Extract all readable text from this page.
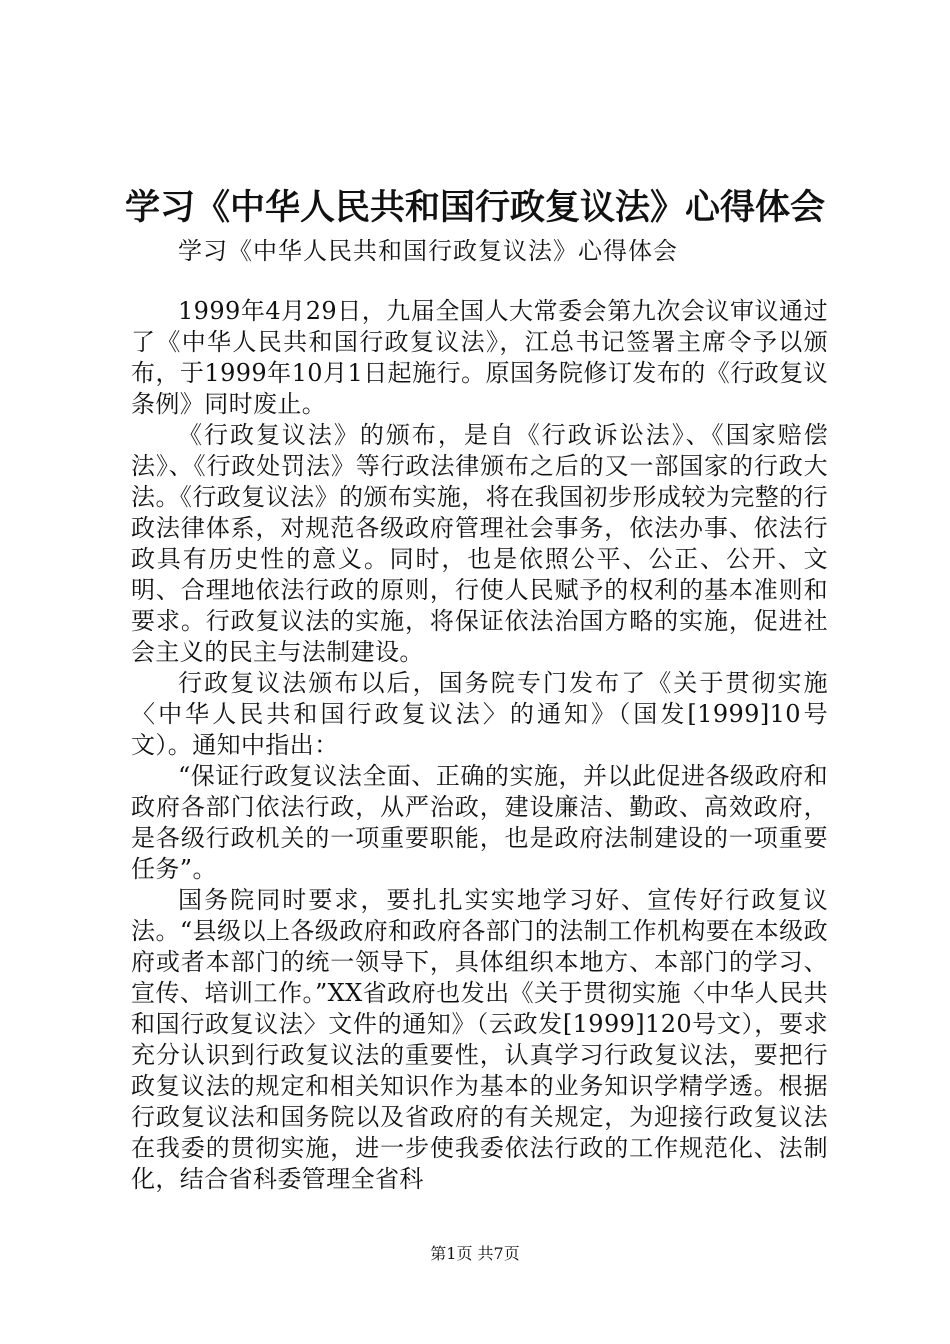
学习《中华人民共和国行政复议法》心得体会
学习《中华人民共和国行政复议法》心得体会

1999年4月29日，九届全国人大常委会第九次会议审议通过了《中华人民共和国行政复议法》，江总书记签署主席令予以颁布，于1999年10月1日起施行。原国务院修订发布的《行政复议条例》同时废止。

《行政复议法》的颁布，是自《行政诉讼法》、《国家赔偿法》、《行政处罚法》等行政法律颁布之后的又一部国家的行政大法。《行政复议法》的颁布实施，将在我国初步形成较为完整的行政法律体系，对规范各级政府管理社会事务，依法办事、依法行政具有历史性的意义。同时，也是依照公平、公正、公开、文明、合理地依法行政的原则，行使人民赋予的权利的基本准则和要求。行政复议法的实施，将保证依法治国方略的实施，促进社会主义的民主与法制建设。

行政复议法颁布以后，国务院专门发布了《关于贯彻实施〈中华人民共和国行政复议法〉的通知》（国发[1999]10号文）。通知中指出：

“保证行政复议法全面、正确的实施，并以此促进各级政府和政府各部门依法行政，从严治政，建设廉洁、勤政、高效政府，是各级行政机关的一项重要职能，也是政府法制建设的一项重要任务”。

国务院同时要求，要扎扎实实地学习好、宣传好行政复议法。“县级以上各级政府和政府各部门的法制工作机构要在本级政府或者本部门的统一领导下，具体组织本地方、本部门的学习、宣传、培训工作。”XX省政府也发出《关于贯彻实施〈中华人民共和国行政复议法〉文件的通知》（云政发[1999]120号文），要求充分认识到行政复议法的重要性，认真学习行政复议法，要把行政复议法的规定和相关知识作为基本的业务知识学精学透。根据行政复议法和国务院以及省政府的有关规定，为迎接行政复议法在我委的贯彻实施，进一步使我委依法行政的工作规范化、法制化，结合省科委管理全省科

第1页 共7页
